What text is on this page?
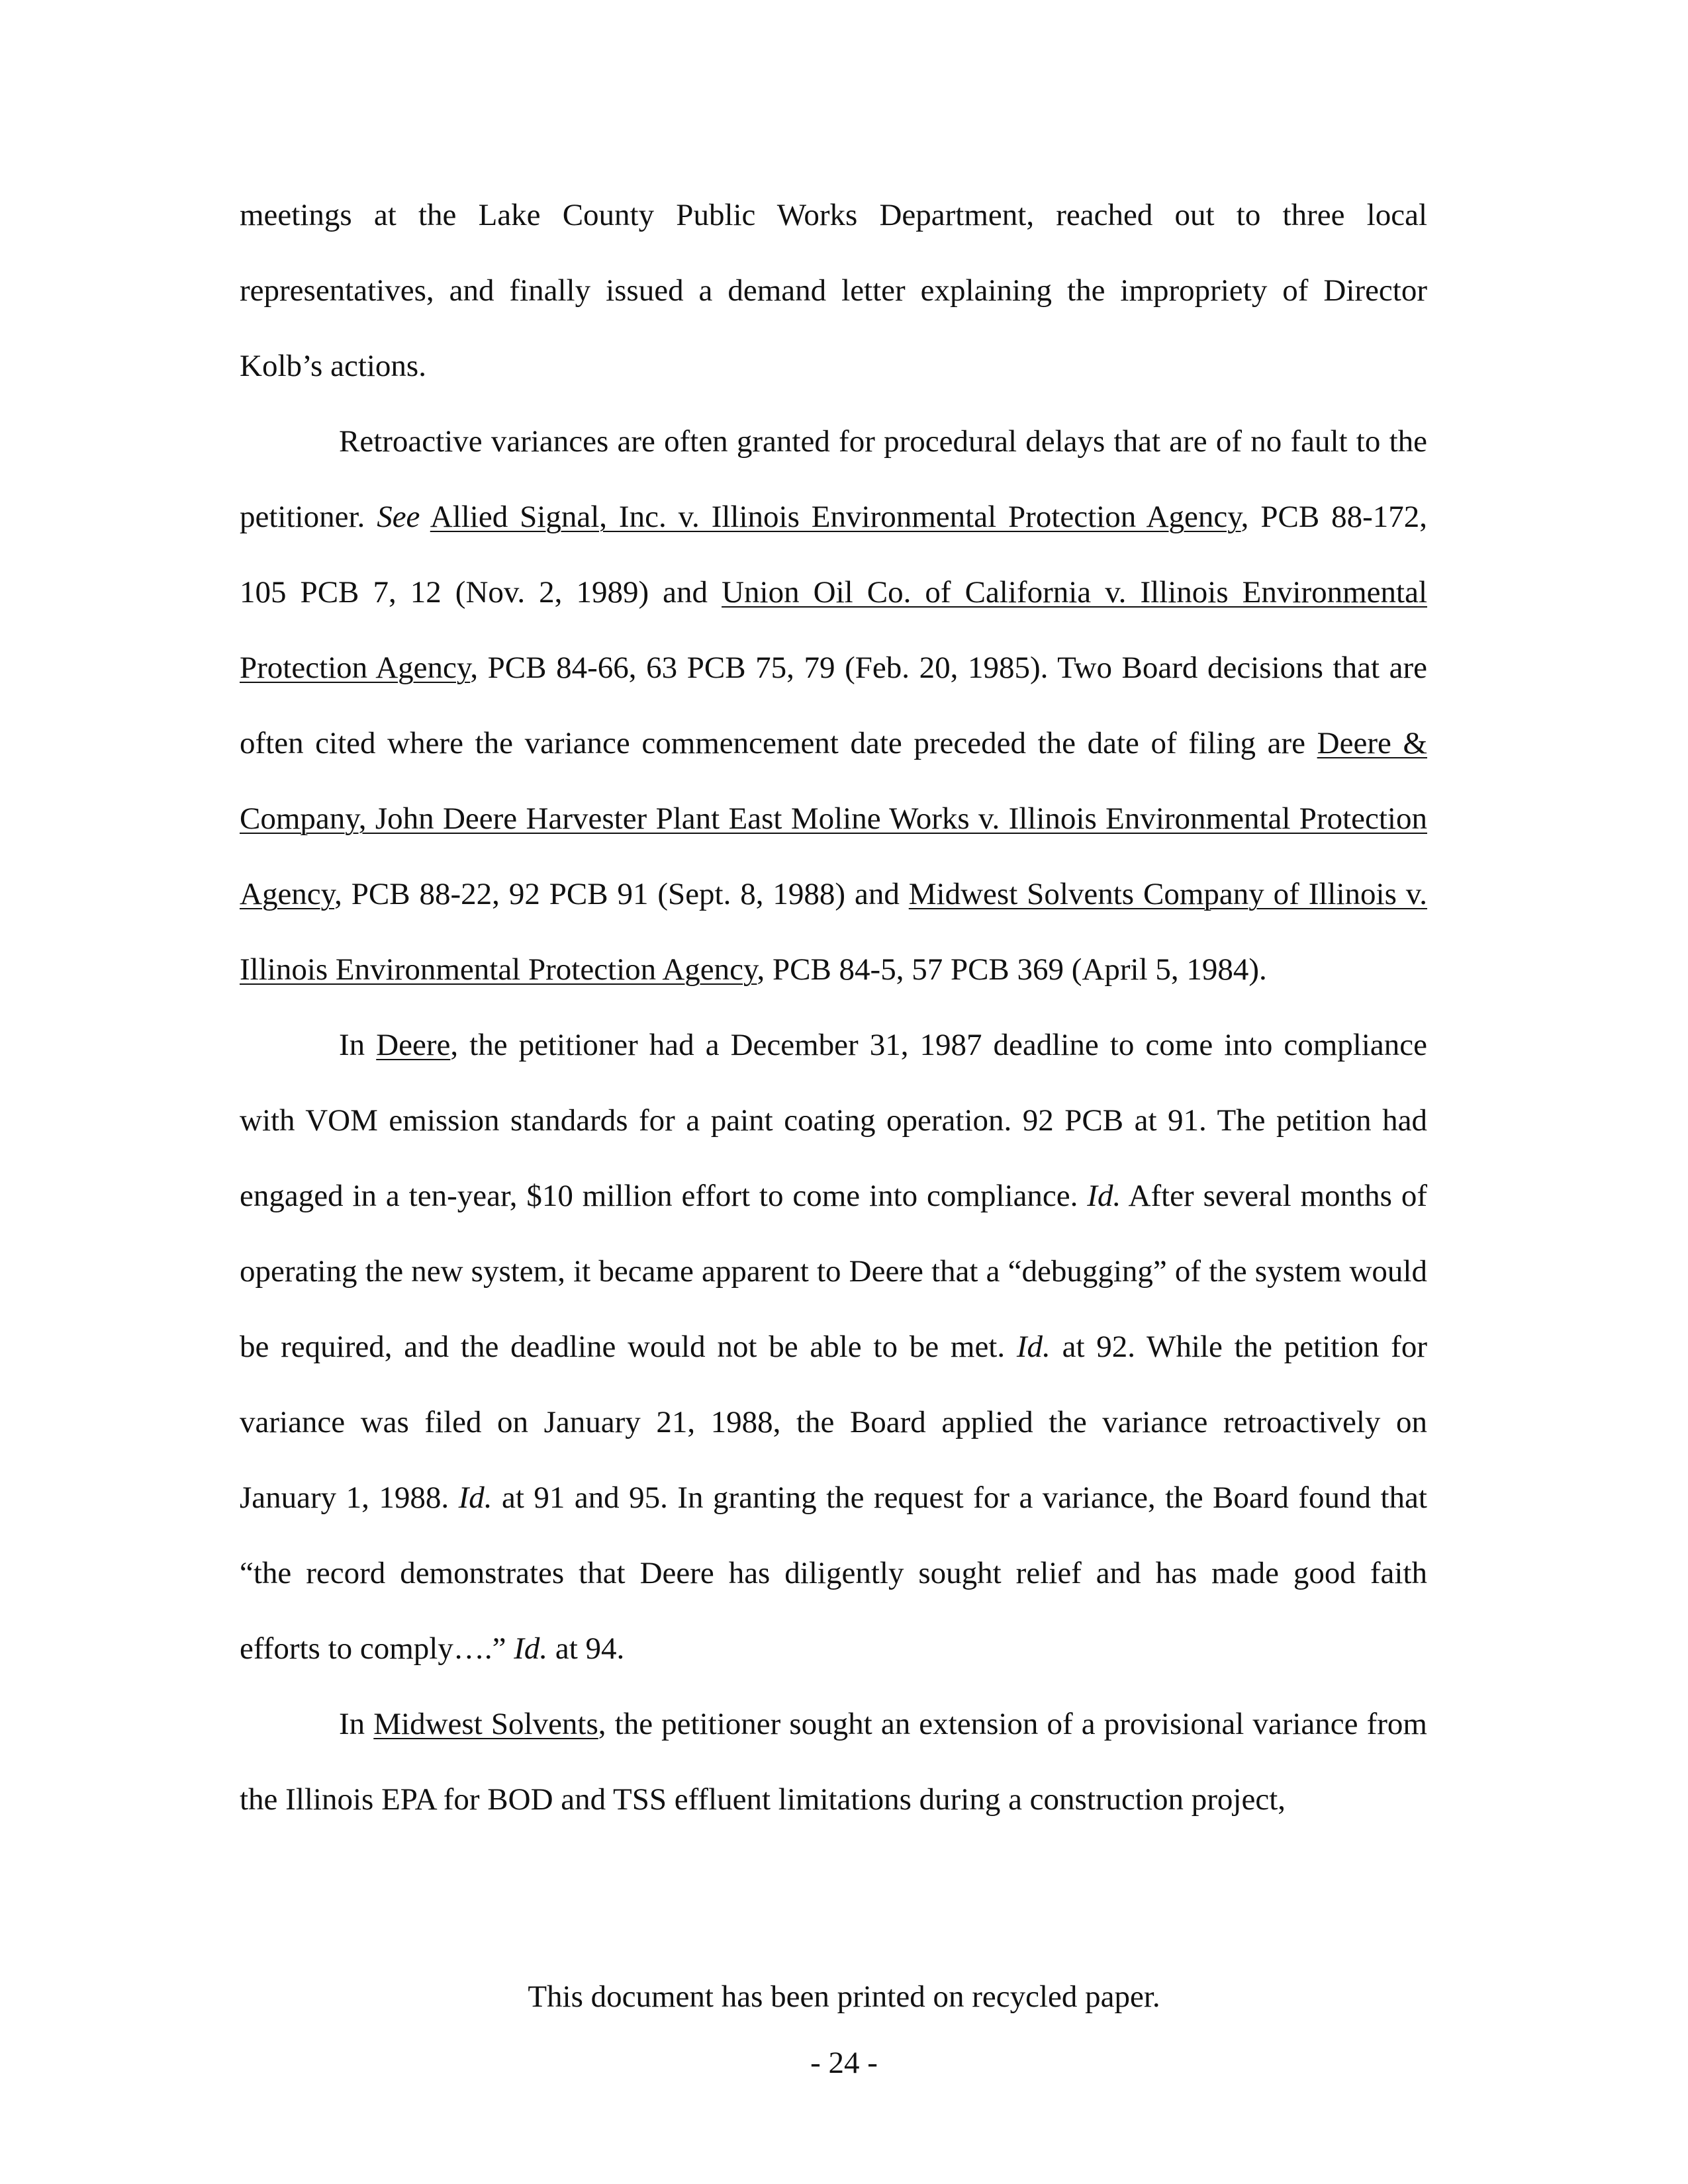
meetings at the Lake County Public Works Department, reached out to three local representatives, and finally issued a demand letter explaining the impropriety of Director Kolb’s actions.

Retroactive variances are often granted for procedural delays that are of no fault to the petitioner. See Allied Signal, Inc. v. Illinois Environmental Protection Agency, PCB 88-172, 105 PCB 7, 12 (Nov. 2, 1989) and Union Oil Co. of California v. Illinois Environmental Protection Agency, PCB 84-66, 63 PCB 75, 79 (Feb. 20, 1985). Two Board decisions that are often cited where the variance commencement date preceded the date of filing are Deere & Company, John Deere Harvester Plant East Moline Works v. Illinois Environmental Protection Agency, PCB 88-22, 92 PCB 91 (Sept. 8, 1988) and Midwest Solvents Company of Illinois v. Illinois Environmental Protection Agency, PCB 84-5, 57 PCB 369 (April 5, 1984).

In Deere, the petitioner had a December 31, 1987 deadline to come into compliance with VOM emission standards for a paint coating operation. 92 PCB at 91. The petition had engaged in a ten-year, $10 million effort to come into compliance. Id. After several months of operating the new system, it became apparent to Deere that a “debugging” of the system would be required, and the deadline would not be able to be met. Id. at 92. While the petition for variance was filed on January 21, 1988, the Board applied the variance retroactively on January 1, 1988. Id. at 91 and 95. In granting the request for a variance, the Board found that “the record demonstrates that Deere has diligently sought relief and has made good faith efforts to comply….” Id. at 94.

In Midwest Solvents, the petitioner sought an extension of a provisional variance from the Illinois EPA for BOD and TSS effluent limitations during a construction project,

This document has been printed on recycled paper.
- 24 -
